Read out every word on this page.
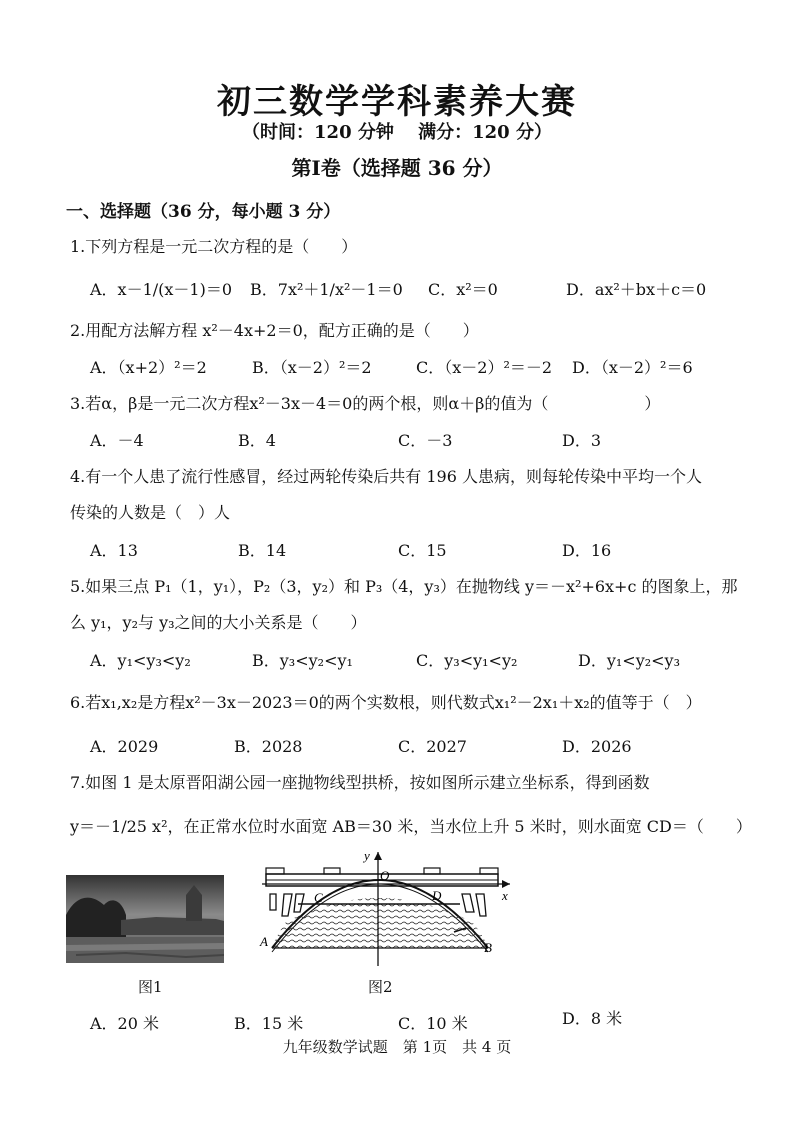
初三数学学科素养大赛
（时间：120 分钟　 满分：120 分）
第Ⅰ卷（选择题 36 分）
一、选择题（36 分，每小题 3 分）
1.下列方程是一元二次方程的是（　　）
A．x－1/(x－1)＝0 B．7x²＋1/x²－1＝0 C．x²＝0	D．ax²＋bx＋c＝0
2.用配方法解方程 x²－4x+2＝0，配方正确的是（　　）
A．（x+2）²＝2	B．（x－2）²＝2	C．（x－2）²＝－2 D．（x－2）²＝6
3.若α，β是一元二次方程x²－3x－4＝0的两个根，则α＋β的值为（　　　　　　）
A．－4	B．4	C．－3	D．3
4.有一个人患了流行性感冒，经过两轮传染后共有 196 人患病，则每轮传染中平均一个人
传染的人数是（　）人
A．13	B．14	C．15	D．16
5.如果三点 P₁（1，y₁），P₂（3，y₂）和 P₃（4，y₃）在抛物线 y＝－x²+6x+c 的图象上，那
么 y₁，y₂与 y₃之间的大小关系是（　　）
A．y₁<y₃<y₂	B．y₃<y₂<y₁	C．y₃<y₁<y₂	D．y₁<y₂<y₃
6.若x₁,x₂是方程x²－3x－2023＝0的两个实数根，则代数式x₁²－2x₁＋x₂的值等于（　）
A．2029	B．2028	C．2027	D．2026
7.如图 1 是太原晋阳湖公园一座抛物线型拱桥，按如图所示建立坐标系，得到函数
y＝－1/25 x²，在正常水位时水面宽 AB＝30 米，当水位上升 5 米时，则水面宽 CD＝（　　）
y
O
x
C	D
A	B
图1	图2
A．20 米	B．15 米	C．10 米	D．8 米
九年级数学试题　第 1页　共 4 页
